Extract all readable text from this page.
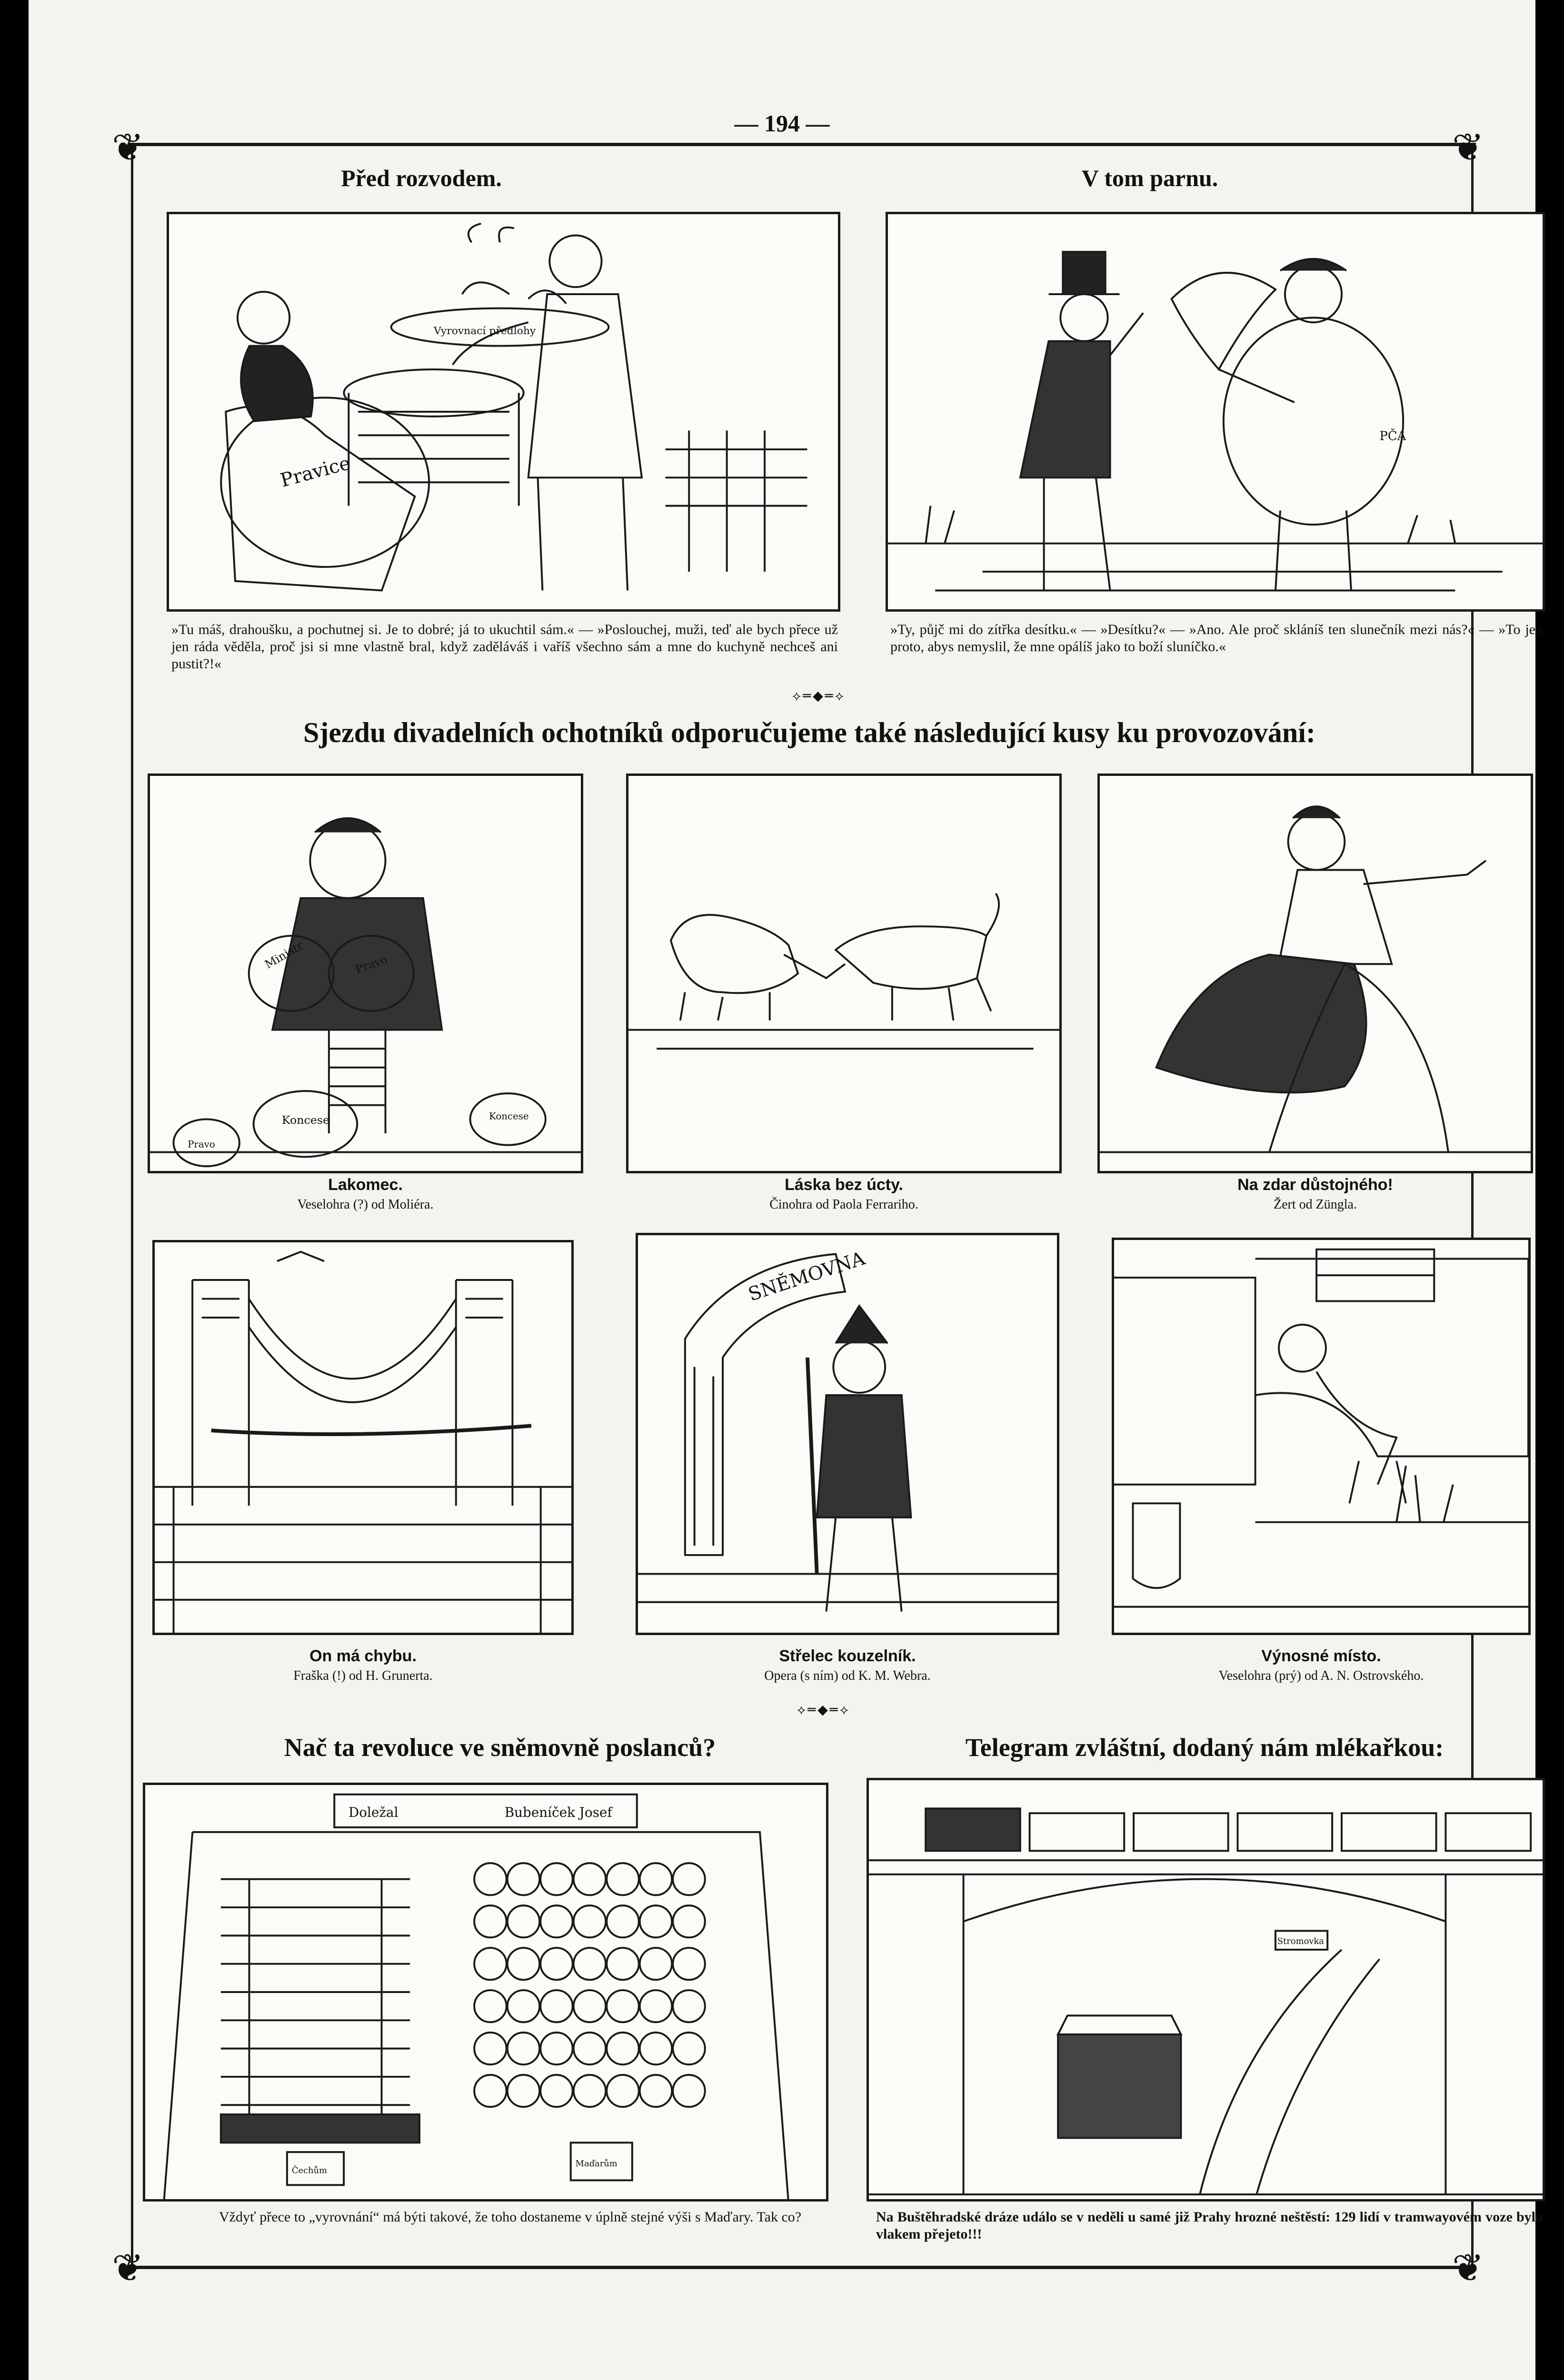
— 194 —
❦	❦
❦	❦
Před rozvodem.	V tom parnu.
Vyrovnací předlohy
Pravice
PČA
»Tu máš, drahoušku, a pochutnej si. Je to dobré; já to ukuchtil sám.« — »Poslouchej, muži, teď ale bych přece už jen ráda věděla, proč jsi si mne vlastně bral, když zaděláváš i vaříš všechno sám a mne do kuchyně nechceš ani pustit?!«
»Ty, půjč mi do zítřka desítku.« — »Desítku?« — »Ano. Ale proč skláníš ten slunečník mezi nás?« — »To jen proto, abys nemyslil, že mne opálíš jako to boží sluníčko.«
⟡═◆═⟡
Sjezdu divadelních ochotníků odporučujeme také následující kusy ku provozování:
Ministr	Pravo
Koncese
Pravo
Koncese
Lakomec.
Veselohra (?) od Moliéra.
Láska bez úcty.
Činohra od Paola Ferrariho.
Na zdar důstojného!
Žert od Züngla.
SNĚMOVNA
On má chybu.
Fraška (!) od H. Grunerta.
Střelec kouzelník.
Opera (s ním) od K. M. Webra.
Výnosné místo.
Veselohra (prý) od A. N. Ostrovského.
⟡═◆═⟡
Nač ta revoluce ve sněmovně poslanců?	Telegram zvláštní, dodaný nám mlékařkou:
Doležal	Bubeníček Josef
Čechům
Maďarům
Stromovka
Vždyť přece to „vyrovnání“ má býti takové, že toho dostaneme v úplně stejné výši s Maďary. Tak co?	Na Buštěhradské dráze událo se v neděli u samé již Prahy hrozné neštěstí: 129 lidí v tramwayovém voze bylo vlakem přejeto!!!
